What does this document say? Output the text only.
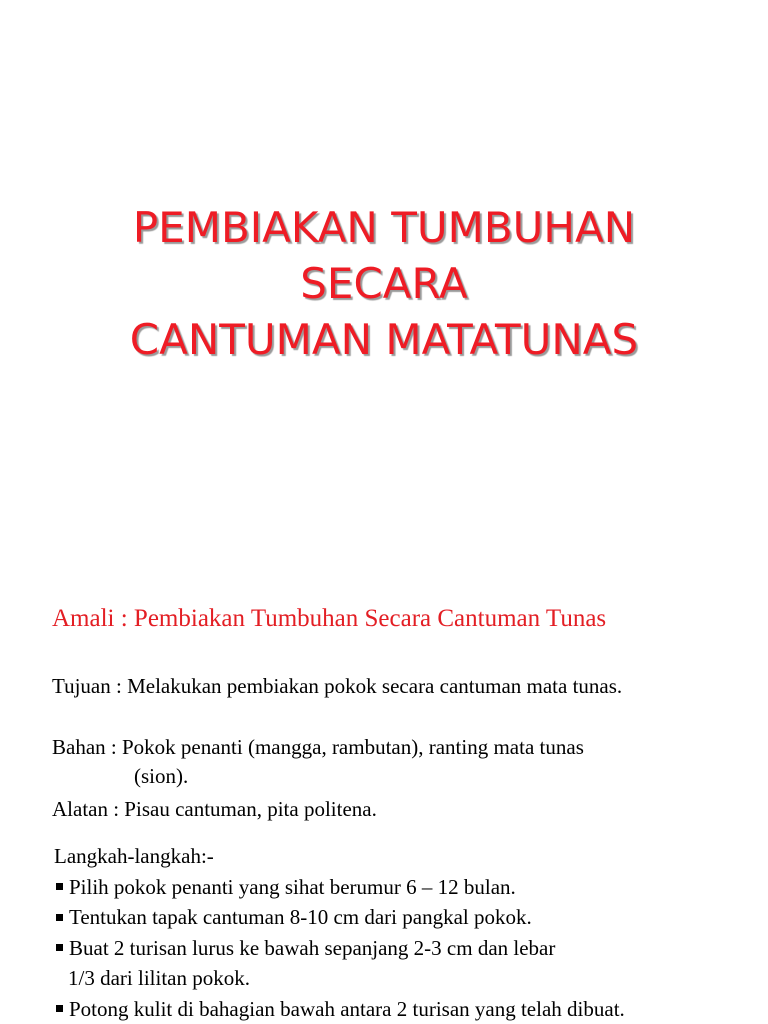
PEMBIAKAN TUMBUHAN
SECARA
CANTUMAN MATATUNAS
Amali : Pembiakan Tumbuhan Secara Cantuman Tunas
Tujuan : Melakukan pembiakan pokok secara cantuman mata tunas.
Bahan : Pokok penanti (mangga, rambutan), ranting mata tunas
(sion).
Alatan : Pisau cantuman, pita politena.
Langkah-langkah:-
Pilih pokok penanti yang sihat berumur 6 – 12 bulan.
Tentukan tapak cantuman 8-10 cm dari pangkal pokok.
Buat 2 turisan lurus ke bawah sepanjang 2-3 cm dan lebar
1/3 dari lilitan pokok.
Potong kulit di bahagian bawah antara 2 turisan yang telah dibuat.
